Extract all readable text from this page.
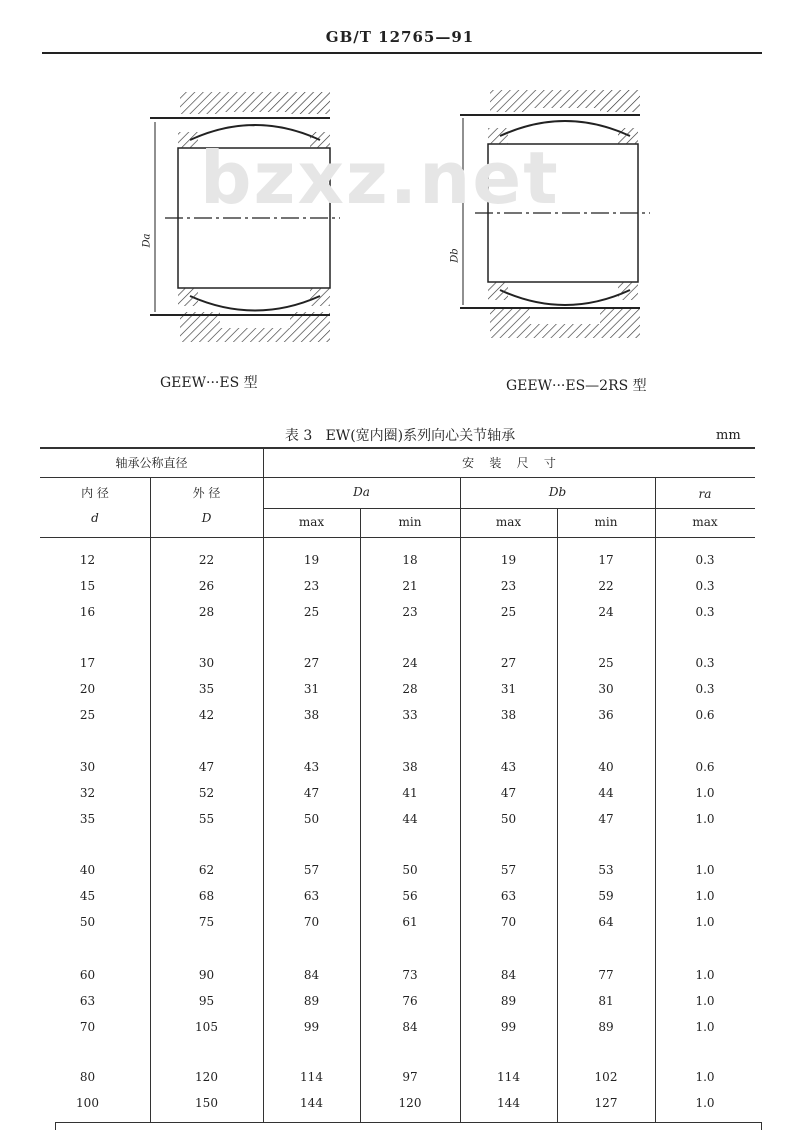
GB/T 12765—91
Da
Db
bzxz.net
GEEW···ES 型	GEEW···ES—2RS 型
表 3   EW(宽内圈)系列向心关节轴承	mm
轴承公称直径	安    装    尺    寸
内 径
d
外 径
D
Da	Db	ra
max	min	max	min	max
12	22	19	18	19	17	0.3
15	26	23	21	23	22	0.3
16	28	25	23	25	24	0.3
17	30	27	24	27	25	0.3
20	35	31	28	31	30	0.3
25	42	38	33	38	36	0.6
30	47	43	38	43	40	0.6
32	52	47	41	47	44	1.0
35	55	50	44	50	47	1.0
40	62	57	50	57	53	1.0
45	68	63	56	63	59	1.0
50	75	70	61	70	64	1.0
60	90	84	73	84	77	1.0
63	95	89	76	89	81	1.0
70	105	99	84	99	89	1.0
80	120	114	97	114	102	1.0
100	150	144	120	144	127	1.0
